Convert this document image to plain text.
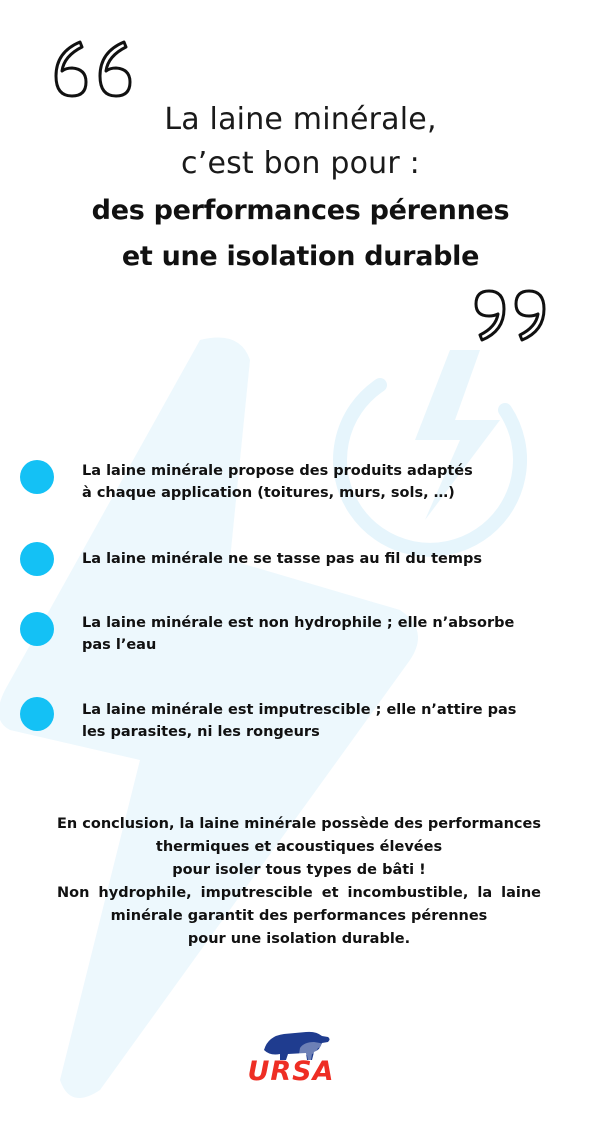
La laine minérale,
c’est bon pour :
des performances pérennes
et une isolation durable
La laine minérale propose des produits adaptés
à chaque application (toitures, murs, sols, …)
La laine minérale ne se tasse pas au fil du temps
La laine minérale est non hydrophile ; elle n’absorbe
pas l’eau
La laine minérale est imputrescible ; elle n’attire pas
les parasites, ni les rongeurs
En conclusion, la laine minérale possède des performances thermiques et acoustiques élevées
pour isoler tous types de bâti !
Non hydrophile, imputrescible et incombustible, la laine minérale garantit des performances pérennes
pour une isolation durable.
URSA
